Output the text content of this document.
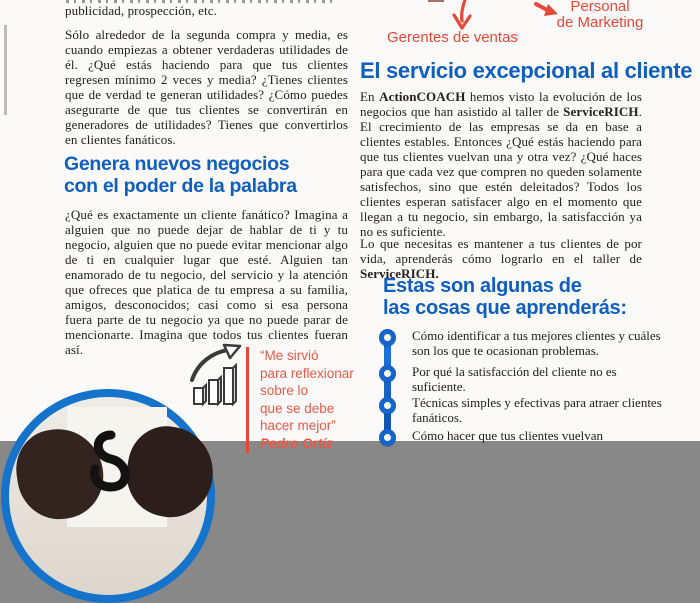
publicidad, prospección, etc.
Sólo alrededor de la segunda compra y media, es cuando empiezas a obtener verdaderas utilidades de él. ¿Qué estás haciendo para que tus clientes regresen mínimo 2 veces y media? ¿Tienes clientes que de verdad te generan utilidades? ¿Cómo puedes asegurarte de que tus clientes se convertirán en generadores de utilidades? Tienes que convertirlos en clientes fanáticos.
Genera nuevos negocios
con el poder de la palabra
¿Qué es exactamente un cliente fanático? Imagina a alguien que no puede dejar de hablar de ti y tu negocio, alguien que no puede evitar mencionar algo de ti en cualquier lugar que esté. Alguien tan enamorado de tu negocio, del servicio y la atención que ofreces que platica de tu empresa a su familia, amigos, desconocidos; casi como si esa persona fuera parte de tu negocio ya que no puede parar de mencionarte. Imagina que todos tus clientes fueran así.	“Me sirvió
para reflexionar
sobre lo
que se debe
hacer mejor”
Pedro Ortíz
Gerentes de ventas
Personal
de Marketing
El servicio excepcional al cliente
En ActionCOACH hemos visto la evolución de los negocios que han asistido al taller de ServiceRICH. El crecimiento de las empresas se da en base a clientes estables. Entonces ¿Qué estás haciendo para que tus clientes vuelvan una y otra vez? ¿Qué haces para que cada vez que compren no queden solamente satisfechos, sino que estén deleitados? Todos los clientes esperan satisfacer algo en el momento que llegan a tu negocio, sin embargo, la satisfacción ya no es suficiente.
Lo que necesitas es mantener a tus clientes de por vida, aprenderás cómo lograrlo en el taller de ServiceRICH.
Estas son algunas de
las cosas que aprenderás:
Cómo identificar a tus mejores clientes y cuáles son los que te ocasionan problemas.
Por qué la satisfacción del cliente no es suficiente.
Técnicas simples y efectivas para atraer clientes fanáticos.
Cómo hacer que tus clientes vuelvan
